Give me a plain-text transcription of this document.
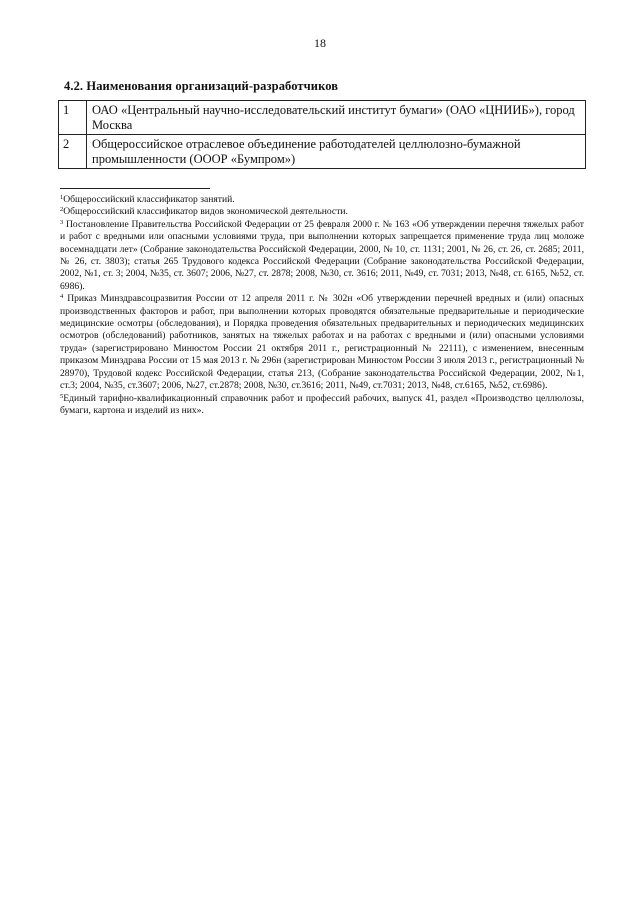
18
4.2. Наименования организаций-разработчиков
1	ОАО «Центральный научно-исследовательский институт бумаги» (ОАО «ЦНИИБ»), город Москва
2	Общероссийское отраслевое объединение работодателей целлюлозно-бумажной промышленности (ОООР «Бумпром»)
$^1$Общероссийский классификатор занятий.
$^2$Общероссийский классификатор видов экономической деятельности.
$^3$ Постановление Правительства Российской Федерации от 25 февраля 2000 г. № 163 «Об утверждении перечня тяжелых работ и работ с вредными или опасными условиями труда, при выполнении которых запрещается применение труда лиц моложе восемнадцати лет» (Собрание законодательства Российской Федерации, 2000, № 10, ст. 1131; 2001, № 26, ст. 26, ст. 2685; 2011, № 26, ст. 3803); статья 265 Трудового кодекса Российской Федерации (Собрание законодательства Российской Федерации, 2002, №1, ст. 3; 2004, №35, ст. 3607; 2006, №27, ст. 2878; 2008, №30, ст. 3616; 2011, №49, ст. 7031; 2013, №48, ст. 6165, №52, ст. 6986).
$^4$ Приказ Минздравсоцразвития России от 12 апреля 2011 г. № 302н «Об утверждении перечней вредных и (или) опасных производственных факторов и работ, при выполнении которых проводятся обязательные предварительные и периодические медицинские осмотры (обследования), и Порядка проведения обязательных предварительных и периодических медицинских осмотров (обследований) работников, занятых на тяжелых работах и на работах с вредными и (или) опасными условиями труда» (зарегистрировано Минюстом России 21 октября 2011 г., регистрационный № 22111), с изменением, внесенным приказом Минздрава России от 15 мая 2013 г. № 296н (зарегистрирован Минюстом России 3 июля 2013 г., регистрационный № 28970), Трудовой кодекс Российской Федерации, статья 213, (Собрание законодательства Российской Федерации, 2002, №1, ст.3; 2004, №35, ст.3607; 2006, №27, ст.2878; 2008, №30, ст.3616; 2011, №49, ст.7031; 2013, №48, ст.6165, №52, ст.6986).
$^5$Единый тарифно-квалификационный справочник работ и профессий рабочих, выпуск 41, раздел «Производство целлюлозы, бумаги, картона и изделий из них».
